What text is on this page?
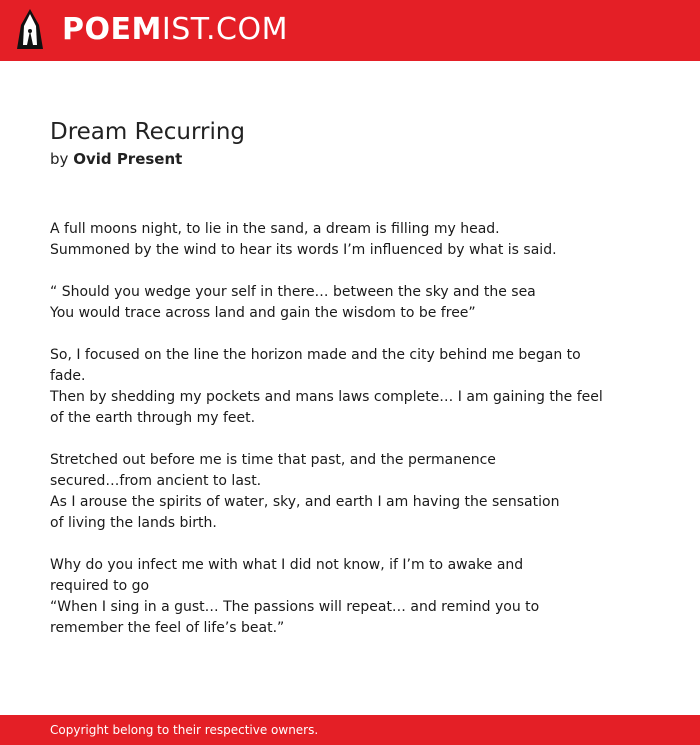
POEMIST.COM
Dream Recurring
by Ovid Present
A full moons night, to lie in the sand, a dream is filling my head.
Summoned by the wind to hear its words I’m influenced by what is said.
“ Should you wedge your self in there… between the sky and the sea
You would trace across land and gain the wisdom to be free”
So, I focused on the line the horizon made and the city behind me began to
fade.
Then by shedding my pockets and mans laws complete… I am gaining the feel
of the earth through my feet.
Stretched out before me is time that past, and the permanence
secured…from ancient to last.
As I arouse the spirits of water, sky, and earth I am having the sensation
of living the lands birth.
Why do you infect me with what I did not know, if I’m to awake and
required to go
“When I sing in a gust… The passions will repeat… and remind you to
remember the feel of life’s beat.”
Copyright belong to their respective owners.
